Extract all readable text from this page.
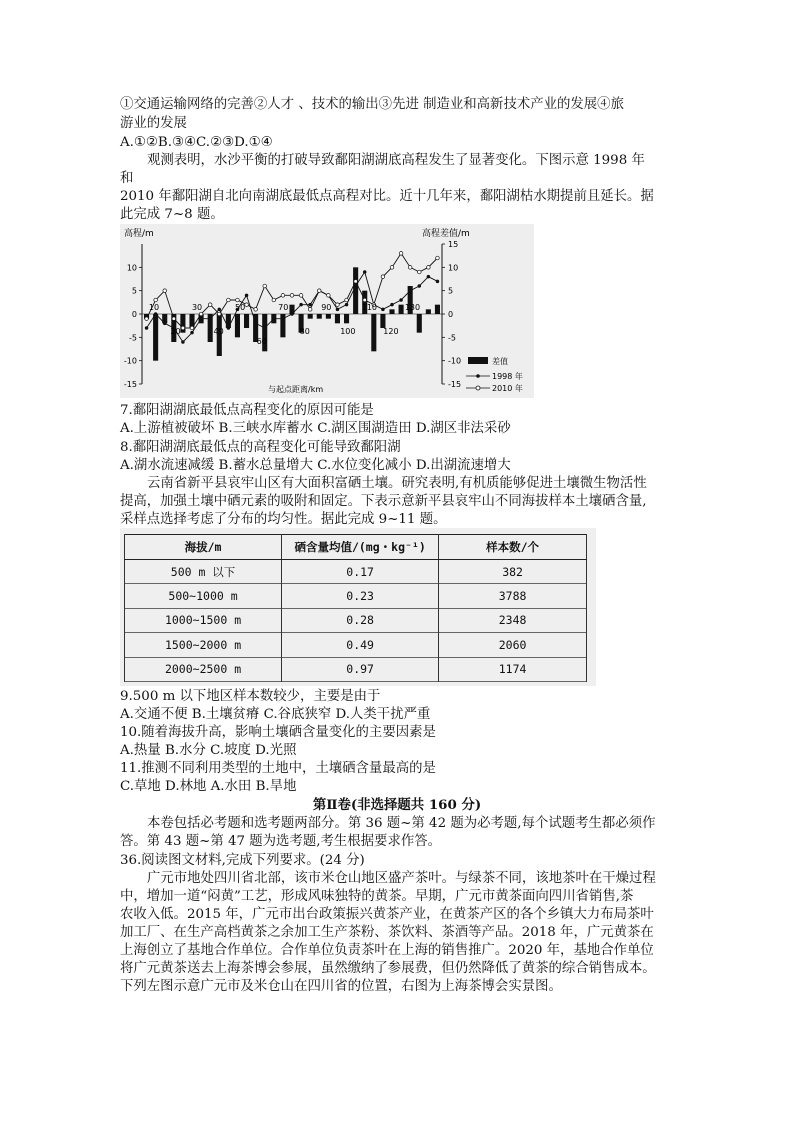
①交通运输网络的完善②人才 、技术的输出③先进 制造业和高新技术产业的发展④旅
游业的发展
A.①②B.③④C.②③D.①④
观测表明，水沙平衡的打破导致鄱阳湖湖底高程发生了显著变化。下图示意 1998 年
和
2010 年鄱阳湖自北向南湖底最低点高程对比。近十几年来，鄱阳湖枯水期提前且延长。据
此完成 7~8 题。
高程/m	高程差值/m
与起点距离/km
10
5
0
-5
-10
-15
15
10
5
0
-5
-10
-15
10
20
30
40
50
60
70
80
90
100
110
120
130
差值
1998 年
2010 年
7.鄱阳湖湖底最低点高程变化的原因可能是
A.上游植被破坏 B.三峡水库蓄水 C.湖区围湖造田 D.湖区非法采砂
8.鄱阳湖湖底最低点的高程变化可能导致鄱阳湖
A.湖水流速减缓 B.蓄水总量增大 C.水位变化减小 D.出湖流速增大
云南省新平县哀牢山区有大面积富硒土壤。研究表明,有机质能够促进土壤微生物活性
提高，加强土壤中硒元素的吸附和固定。下表示意新平县哀牢山不同海拔样本土壤硒含量,
采样点选择考虑了分布的均匀性。据此完成 9~11 题。
海拔/m	硒含量均值/(mg・kg⁻¹)	样本数/个
500 m 以下	0.17	382
500~1000 m	0.23	3788
1000~1500 m	0.28	2348
1500~2000 m	0.49	2060
2000~2500 m	0.97	1174
9.500 m 以下地区样本数较少，主要是由于
A.交通不便 B.土壤贫瘠 C.谷底狭窄 D.人类干扰严重
10.随着海拔升高，影响土壤硒含量变化的主要因素是
A.热量 B.水分 C.坡度 D.光照
11.推测不同利用类型的土地中，土壤硒含量最高的是
C.草地 D.林地 A.水田 B.旱地
第Ⅱ卷(非选择题共 160 分)
本卷包括必考题和选考题两部分。第 36 题~第 42 题为必考题,每个试题考生都必须作
答。第 43 题~第 47 题为选考题,考生根据要求作答。
36.阅读图文材料,完成下列要求。(24 分)
广元市地处四川省北部，该市米仓山地区盛产茶叶。与绿茶不同，该地茶叶在干燥过程
中，增加一道“闷黄”工艺，形成风味独特的黄茶。早期，广元市黄茶面向四川省销售,茶
农收入低。2015 年，广元市出台政策振兴黄茶产业，在黄茶产区的各个乡镇大力布局茶叶
加工厂、在生产高档黄茶之余加工生产茶粉、茶饮料、茶酒等产品。2018 年，广元黄茶在
上海创立了基地合作单位。合作单位负责茶叶在上海的销售推广。2020 年，基地合作单位
将广元黄茶送去上海茶博会参展，虽然缴纳了参展费，但仍然降低了黄茶的综合销售成本。
下列左图示意广元市及米仓山在四川省的位置，右图为上海茶博会实景图。
